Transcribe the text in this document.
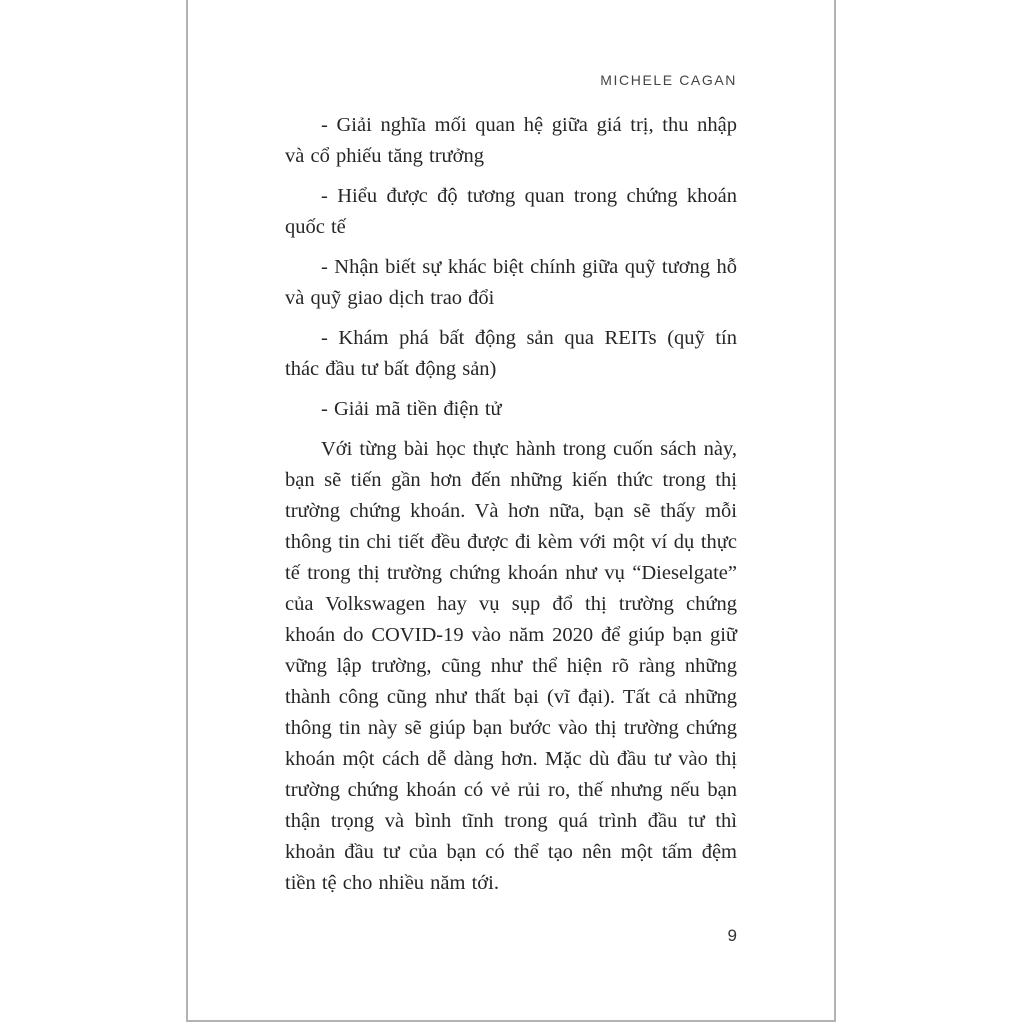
MICHELE CAGAN

- Giải nghĩa mối quan hệ giữa giá trị, thu nhập và cổ phiếu tăng trưởng

- Hiểu được độ tương quan trong chứng khoán quốc tế

- Nhận biết sự khác biệt chính giữa quỹ tương hỗ và quỹ giao dịch trao đổi

- Khám phá bất động sản qua REITs (quỹ tín thác đầu tư bất động sản)

- Giải mã tiền điện tử

Với từng bài học thực hành trong cuốn sách này, bạn sẽ tiến gần hơn đến những kiến thức trong thị trường chứng khoán. Và hơn nữa, bạn sẽ thấy mỗi thông tin chi tiết đều được đi kèm với một ví dụ thực tế trong thị trường chứng khoán như vụ “Dieselgate” của Volkswagen hay vụ sụp đổ thị trường chứng khoán do COVID-19 vào năm 2020 để giúp bạn giữ vững lập trường, cũng như thể hiện rõ ràng những thành công cũng như thất bại (vĩ đại). Tất cả những thông tin này sẽ giúp bạn bước vào thị trường chứng khoán một cách dễ dàng hơn. Mặc dù đầu tư vào thị trường chứng khoán có vẻ rủi ro, thế nhưng nếu bạn thận trọng và bình tĩnh trong quá trình đầu tư thì khoản đầu tư của bạn có thể tạo nên một tấm đệm tiền tệ cho nhiều năm tới.

9
